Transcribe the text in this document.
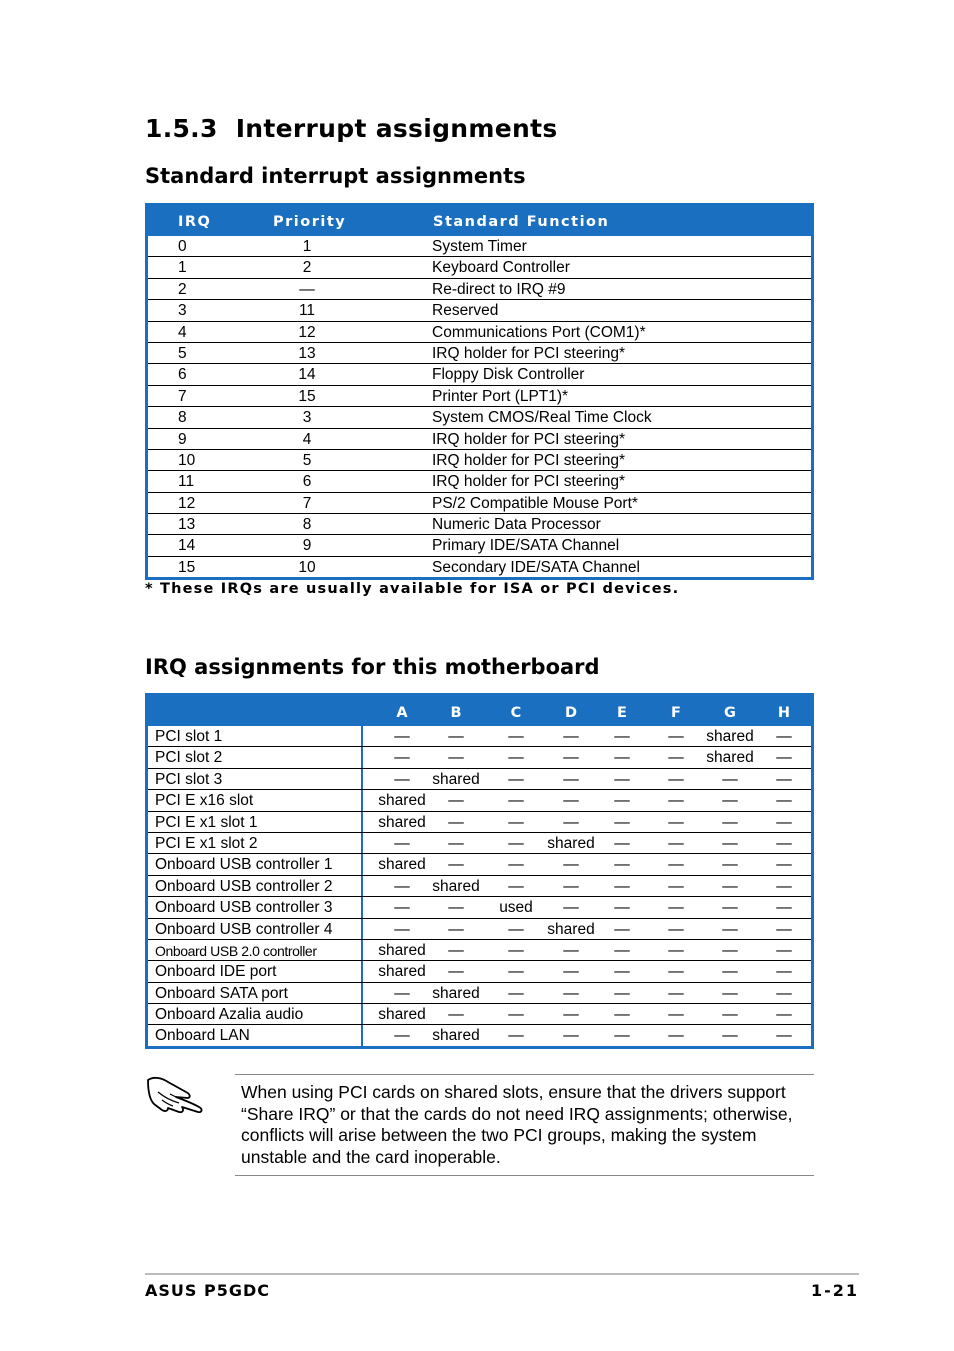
1.5.3 Interrupt assignments
Standard interrupt assignments
IRQ	Priority	Standard Function
0	1	System Timer
1	2	Keyboard Controller
2	—	Re-direct to IRQ #9
3	11	Reserved
4	12	Communications Port (COM1)*
5	13	IRQ holder for PCI steering*
6	14	Floppy Disk Controller
7	15	Printer Port (LPT1)*
8	3	System CMOS/Real Time Clock
9	4	IRQ holder for PCI steering*
10	5	IRQ holder for PCI steering*
11	6	IRQ holder for PCI steering*
12	7	PS/2 Compatible Mouse Port*
13	8	Numeric Data Processor
14	9	Primary IDE/SATA Channel
15	10	Secondary IDE/SATA Channel
* These IRQs are usually available for ISA or PCI devices.
IRQ assignments for this motherboard
A	B	C	D	E	F	G	H
PCI slot 1	—	—	—	—	—	—	shared	—
PCI slot 2	—	—	—	—	—	—	shared	—
PCI slot 3	—	shared	—	—	—	—	—	—
PCI E x16 slot	shared	—	—	—	—	—	—	—
PCI E x1 slot 1	shared	—	—	—	—	—	—	—
PCI E x1 slot 2	—	—	—	shared	—	—	—	—
Onboard USB controller 1	shared	—	—	—	—	—	—	—
Onboard USB controller 2	—	shared	—	—	—	—	—	—
Onboard USB controller 3	—	—	used	—	—	—	—	—
Onboard USB controller 4	—	—	—	shared	—	—	—	—
Onboard USB 2.0 controller	shared	—	—	—	—	—	—	—
Onboard IDE port	shared	—	—	—	—	—	—	—
Onboard SATA port	—	shared	—	—	—	—	—	—
Onboard Azalia audio	shared	—	—	—	—	—	—	—
Onboard LAN	—	shared	—	—	—	—	—	—

When using PCI cards on shared slots, ensure that the drivers support “Share IRQ” or that the cards do not need IRQ assignments; otherwise, conflicts will arise between the two PCI groups, making the system unstable and the card inoperable.

ASUS P5GDC	1-21
